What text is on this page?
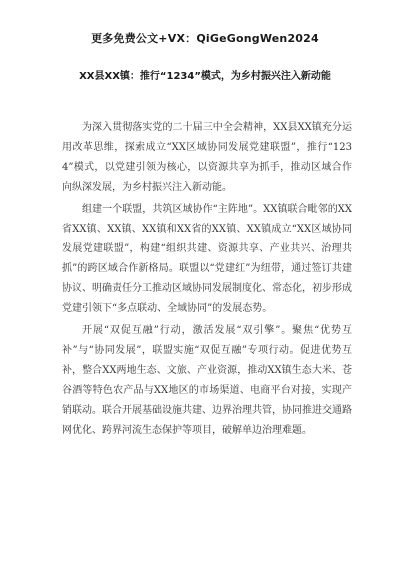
更多免费公文+VX：QiGeGongWen2024
XX县XX镇：推行“1234”模式，为乡村振兴注入新动能

为深入贯彻落实党的二十届三中全会精神，XX县XX镇充分运用改革思维，探索成立“XX区域协同发展党建联盟”，推行“1234”模式，以党建引领为核心，以资源共享为抓手，推动区域合作向纵深发展，为乡村振兴注入新动能。

组建一个联盟，共筑区域协作“主阵地”。XX镇联合毗邻的XX省XX镇、XX镇、XX镇和XX省的XX镇、XX镇成立“XX区域协同发展党建联盟”，构建“组织共建、资源共享、产业共兴、治理共抓”的跨区域合作新格局。联盟以“党建红”为纽带，通过签订共建协议、明确责任分工推动区域协同发展制度化、常态化，初步形成党建引领下“多点联动、全域协同”的发展态势。

开展“双促互融”行动，激活发展“双引擎”。聚焦“优势互补”与“协同发展”，联盟实施“双促互融”专项行动。促进优势互补，整合XX两地生态、文旅、产业资源，推动XX镇生态大米、苍谷酒等特色农产品与XX地区的市场渠道、电商平台对接，实现产销联动。联合开展基础设施共建、边界治理共管，协同推进交通路网优化、跨界河流生态保护等项目，破解单边治理难题。
